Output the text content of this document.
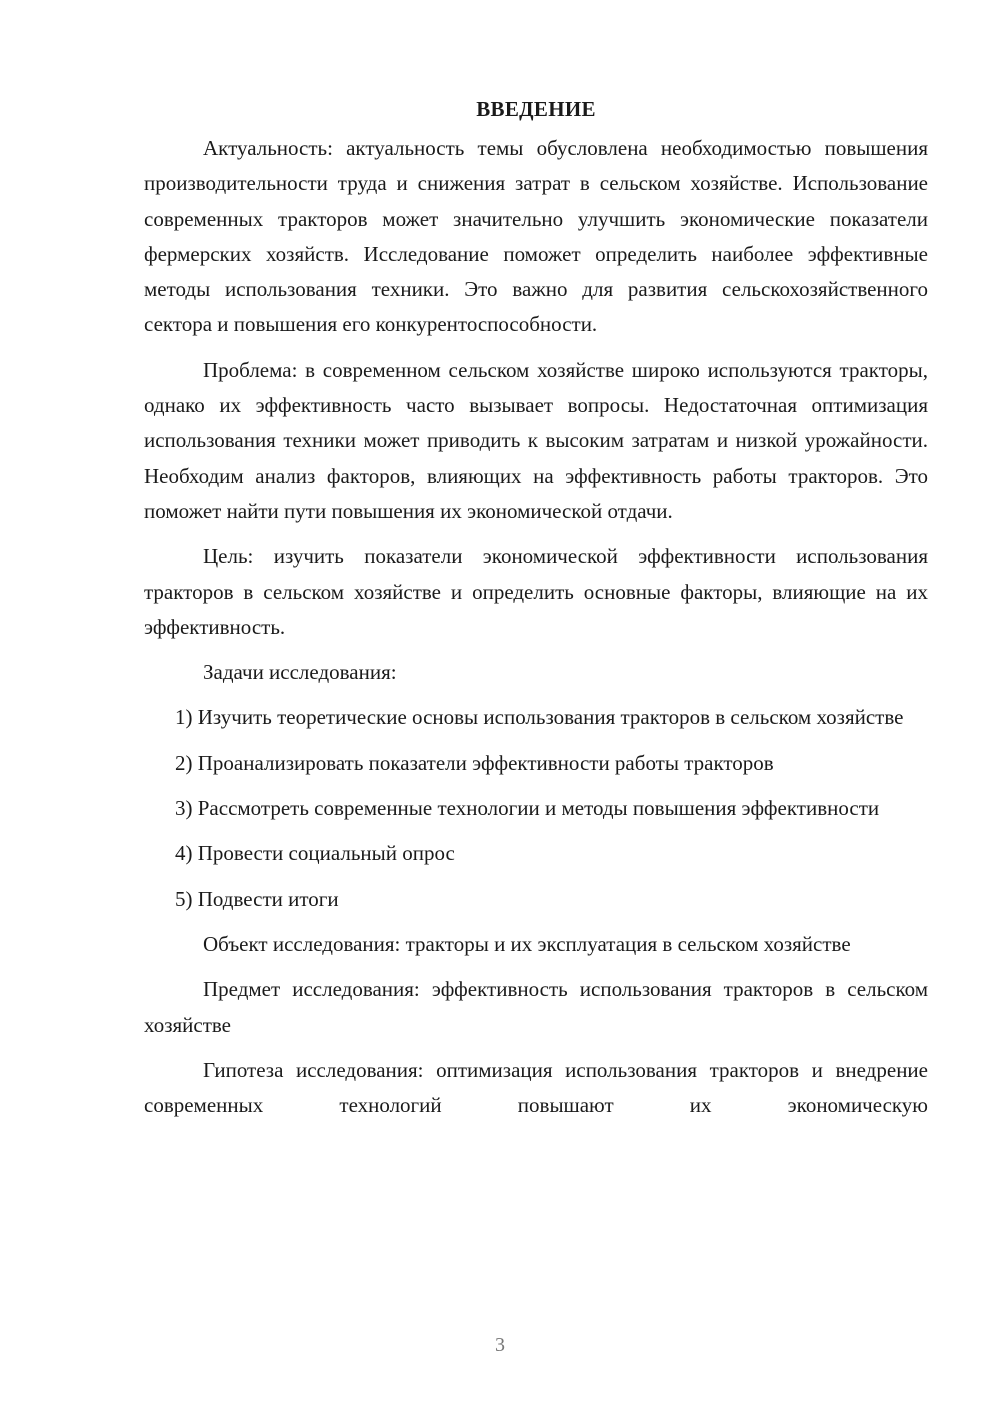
ВВЕДЕНИЕ

Актуальность: актуальность темы обусловлена необходимостью повышения производительности труда и снижения затрат в сельском хозяйстве. Использование современных тракторов может значительно улучшить экономические показатели фермерских хозяйств. Исследование поможет определить наиболее эффективные методы использования техники. Это важно для развития сельскохозяйственного сектора и повышения его конкурентоспособности.

Проблема: в современном сельском хозяйстве широко используются тракторы, однако их эффективность часто вызывает вопросы. Недостаточная оптимизация использования техники может приводить к высоким затратам и низкой урожайности. Необходим анализ факторов, влияющих на эффективность работы тракторов. Это поможет найти пути повышения их экономической отдачи.

Цель: изучить показатели экономической эффективности использования тракторов в сельском хозяйстве и определить основные факторы, влияющие на их эффективность.

Задачи исследования:

1) Изучить теоретические основы использования тракторов в сельском хозяйстве

2) Проанализировать показатели эффективности работы тракторов

3) Рассмотреть современные технологии и методы повышения эффективности

4) Провести социальный опрос

5) Подвести итоги

Объект исследования: тракторы и их эксплуатация в сельском хозяйстве

Предмет исследования: эффективность использования тракторов в сельском хозяйстве

Гипотеза исследования: оптимизация использования тракторов и внедрение современных технологий повышают их экономическую

3
